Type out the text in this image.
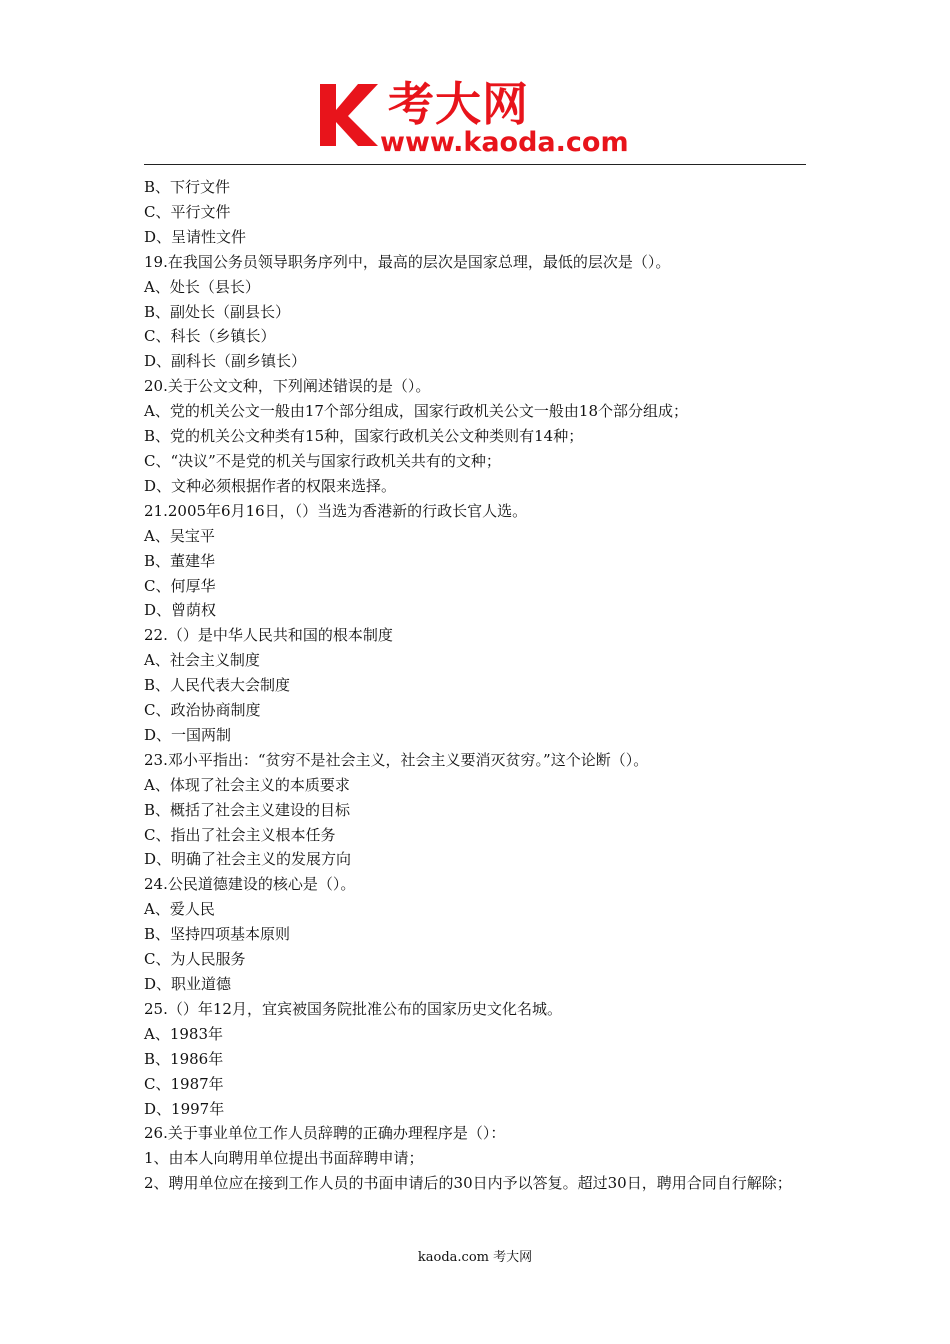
考大网
www.kaoda.com

B、下行文件

C、平行文件

D、呈请性文件

19.在我国公务员领导职务序列中，最高的层次是国家总理，最低的层次是（）。

A、处长（县长）

B、副处长（副县长）

C、科长（乡镇长）

D、副科长（副乡镇长）

20.关于公文文种，下列阐述错误的是（）。

A、党的机关公文一般由17个部分组成，国家行政机关公文一般由18个部分组成；

B、党的机关公文种类有15种，国家行政机关公文种类则有14种；

C、“决议”不是党的机关与国家行政机关共有的文种；

D、文种必须根据作者的权限来选择。

21.2005年6月16日，（）当选为香港新的行政长官人选。

A、吴宝平

B、董建华

C、何厚华

D、曾荫权

22.（）是中华人民共和国的根本制度

A、社会主义制度

B、人民代表大会制度

C、政治协商制度

D、一国两制

23.邓小平指出：“贫穷不是社会主义，社会主义要消灭贫穷。”这个论断（）。

A、体现了社会主义的本质要求

B、概括了社会主义建设的目标

C、指出了社会主义根本任务

D、明确了社会主义的发展方向

24.公民道德建设的核心是（）。

A、爱人民

B、坚持四项基本原则

C、为人民服务

D、职业道德

25.（）年12月，宜宾被国务院批准公布的国家历史文化名城。

A、1983年

B、1986年

C、1987年

D、1997年

26.关于事业单位工作人员辞聘的正确办理程序是（）：

1、由本人向聘用单位提出书面辞聘申请；

2、聘用单位应在接到工作人员的书面申请后的30日内予以答复。超过30日，聘用合同自行解除；

kaoda.com 考大网
